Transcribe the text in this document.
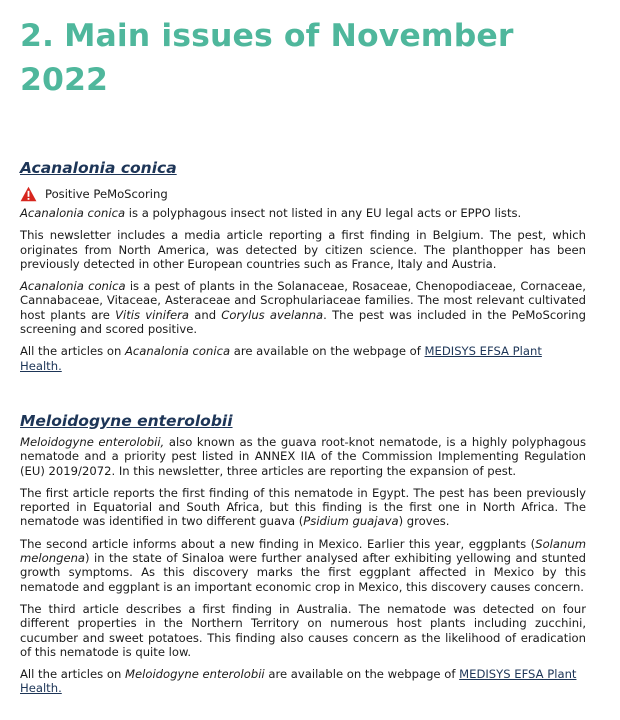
2. Main issues of November 2022
Acanalonia conica
Positive PeMoScoring

Acanalonia conica is a polyphagous insect not listed in any EU legal acts or EPPO lists.

This newsletter includes a media article reporting a first finding in Belgium. The pest, which originates from North America, was detected by citizen science. The planthopper has been previously detected in other European countries such as France, Italy and Austria.

Acanalonia conica is a pest of plants in the Solanaceae, Rosaceae, Chenopodiaceae, Cornaceae, Cannabaceae, Vitaceae, Asteraceae and Scrophulariaceae families. The most relevant cultivated host plants are Vitis vinifera and Corylus avelanna. The pest was included in the PeMoScoring screening and scored positive.

All the articles on Acanalonia conica are available on the webpage of MEDISYS EFSA Plant Health.

Meloidogyne enterolobii

Meloidogyne enterolobii, also known as the guava root-knot nematode, is a highly polyphagous nematode and a priority pest listed in ANNEX IIA of the Commission Implementing Regulation (EU) 2019/2072. In this newsletter, three articles are reporting the expansion of pest.

The first article reports the first finding of this nematode in Egypt. The pest has been previously reported in Equatorial and South Africa, but this finding is the first one in North Africa. The nematode was identified in two different guava (Psidium guajava) groves.

The second article informs about a new finding in Mexico. Earlier this year, eggplants (Solanum melongena) in the state of Sinaloa were further analysed after exhibiting yellowing and stunted growth symptoms. As this discovery marks the first eggplant affected in Mexico by this nematode and eggplant is an important economic crop in Mexico, this discovery causes concern.

The third article describes a first finding in Australia. The nematode was detected on four different properties in the Northern Territory on numerous host plants including zucchini, cucumber and sweet potatoes. This finding also causes concern as the likelihood of eradication of this nematode is quite low.

All the articles on Meloidogyne enterolobii are available on the webpage of MEDISYS EFSA Plant Health.
